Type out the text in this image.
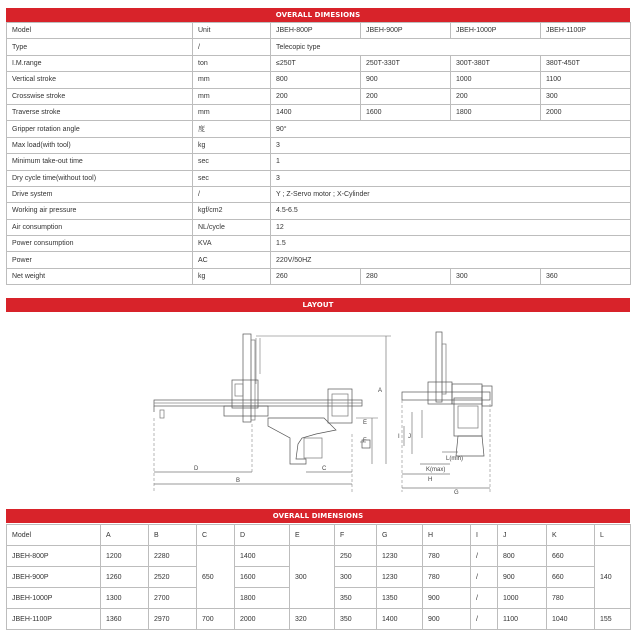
OVERALL DIMESIONS
Model	Unit	JBEH-800P	JBEH-900P	JBEH-1000P	JBEH-1100P
Type	/	Telecopic type			
I.M.range	ton	≤250T	250T-330T	300T-380T	380T-450T
Vertical stroke	mm	800	900	1000	1100
Crosswise stroke	mm	200	200	200	300
Traverse stroke	mm	1400	1600	1800	2000
Gripper rotation angle	度	90°			
Max load(with tool)	kg	3			
Minimum take-out time	sec	1			
Dry cycle time(without tool)	sec	3			
Drive system	/	Y ; Z-Servo motor ; X-Cylinder			
Working air pressure	kgf/cm2	4.5-6.5			
Air consumption	NL/cycle	12			
Power consumption	KVA	1.5			
Power	AC	220V/50HZ			
Net weight	kg	260	280	300	360
LAYOUT
A
B
C
D
E
F
G
H
I J
K(max)
L(min)
OVERALL DIMENSIONS
Model	A	B	C	D	E	F	G	H	I	J	K	L
JBEH-800P	1200	2280	650	1400	300	250	1230	780	/	800	660	140
JBEH-900P	1260	2520		1600		300	1230	780	/	900	660	
JBEH-1000P	1300	2700		1800		350	1350	900	/	1000	780	
JBEH-1100P	1360	2970	700	2000	320	350	1400	900	/	1100	1040	155
